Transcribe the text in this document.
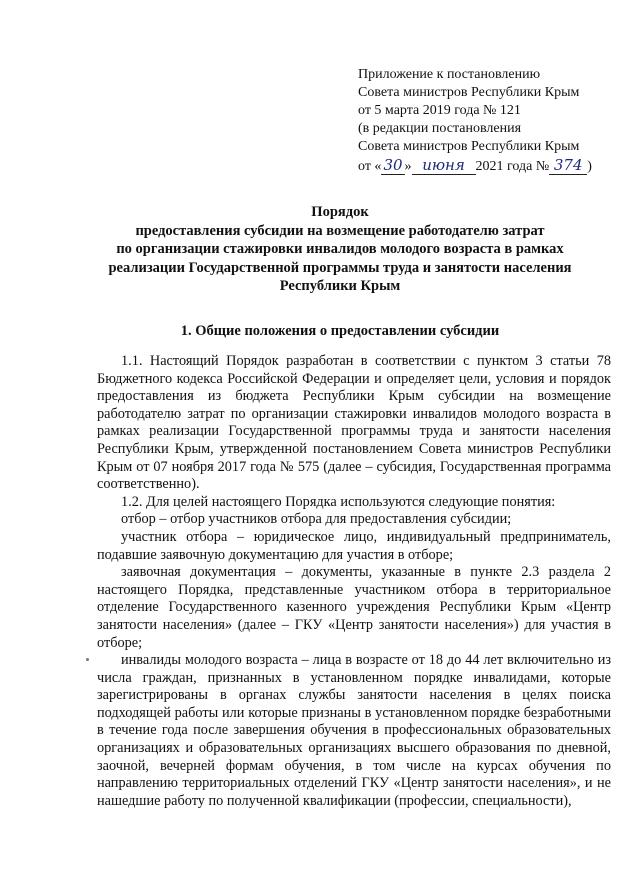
Приложение к постановлению
Совета министров Республики Крым
от 5 марта 2019 года № 121
(в редакции постановления
Совета министров Республики Крым
от « 30 » июня 2021 года № 374 )
Порядок
предоставления субсидии на возмещение работодателю затрат
по организации стажировки инвалидов молодого возраста в рамках
реализации Государственной программы труда и занятости населения
Республики Крым
1. Общие положения о предоставлении субсидии

1.1. Настоящий Порядок разработан в соответствии с пунктом 3 статьи 78 Бюджетного кодекса Российской Федерации и определяет цели, условия и порядок предоставления из бюджета Республики Крым субсидии на возмещение работодателю затрат по организации стажировки инвалидов молодого возраста в рамках реализации Государственной программы труда и занятости населения Республики Крым, утвержденной постановлением Совета министров Республики Крым от 07 ноября 2017 года № 575 (далее – субсидия, Государственная программа соответственно).

1.2. Для целей настоящего Порядка используются следующие понятия:

отбор – отбор участников отбора для предоставления субсидии;

участник отбора – юридическое лицо, индивидуальный предприниматель, подавшие заявочную документацию для участия в отборе;

заявочная документация – документы, указанные в пункте 2.3 раздела 2 настоящего Порядка, представленные участником отбора в территориальное отделение Государственного казенного учреждения Республики Крым «Центр занятости населения» (далее – ГКУ «Центр занятости населения») для участия в отборе;

инвалиды молодого возраста – лица в возрасте от 18 до 44 лет включительно из числа граждан, признанных в установленном порядке инвалидами, которые зарегистрированы в органах службы занятости населения в целях поиска подходящей работы или которые признаны в установленном порядке безработными в течение года после завершения обучения в профессиональных образовательных организациях и образовательных организациях высшего образования по дневной, заочной, вечерней формам обучения, в том числе на курсах обучения по направлению территориальных отделений ГКУ «Центр занятости населения», и не нашедшие работу по полученной квалификации (профессии, специальности),
